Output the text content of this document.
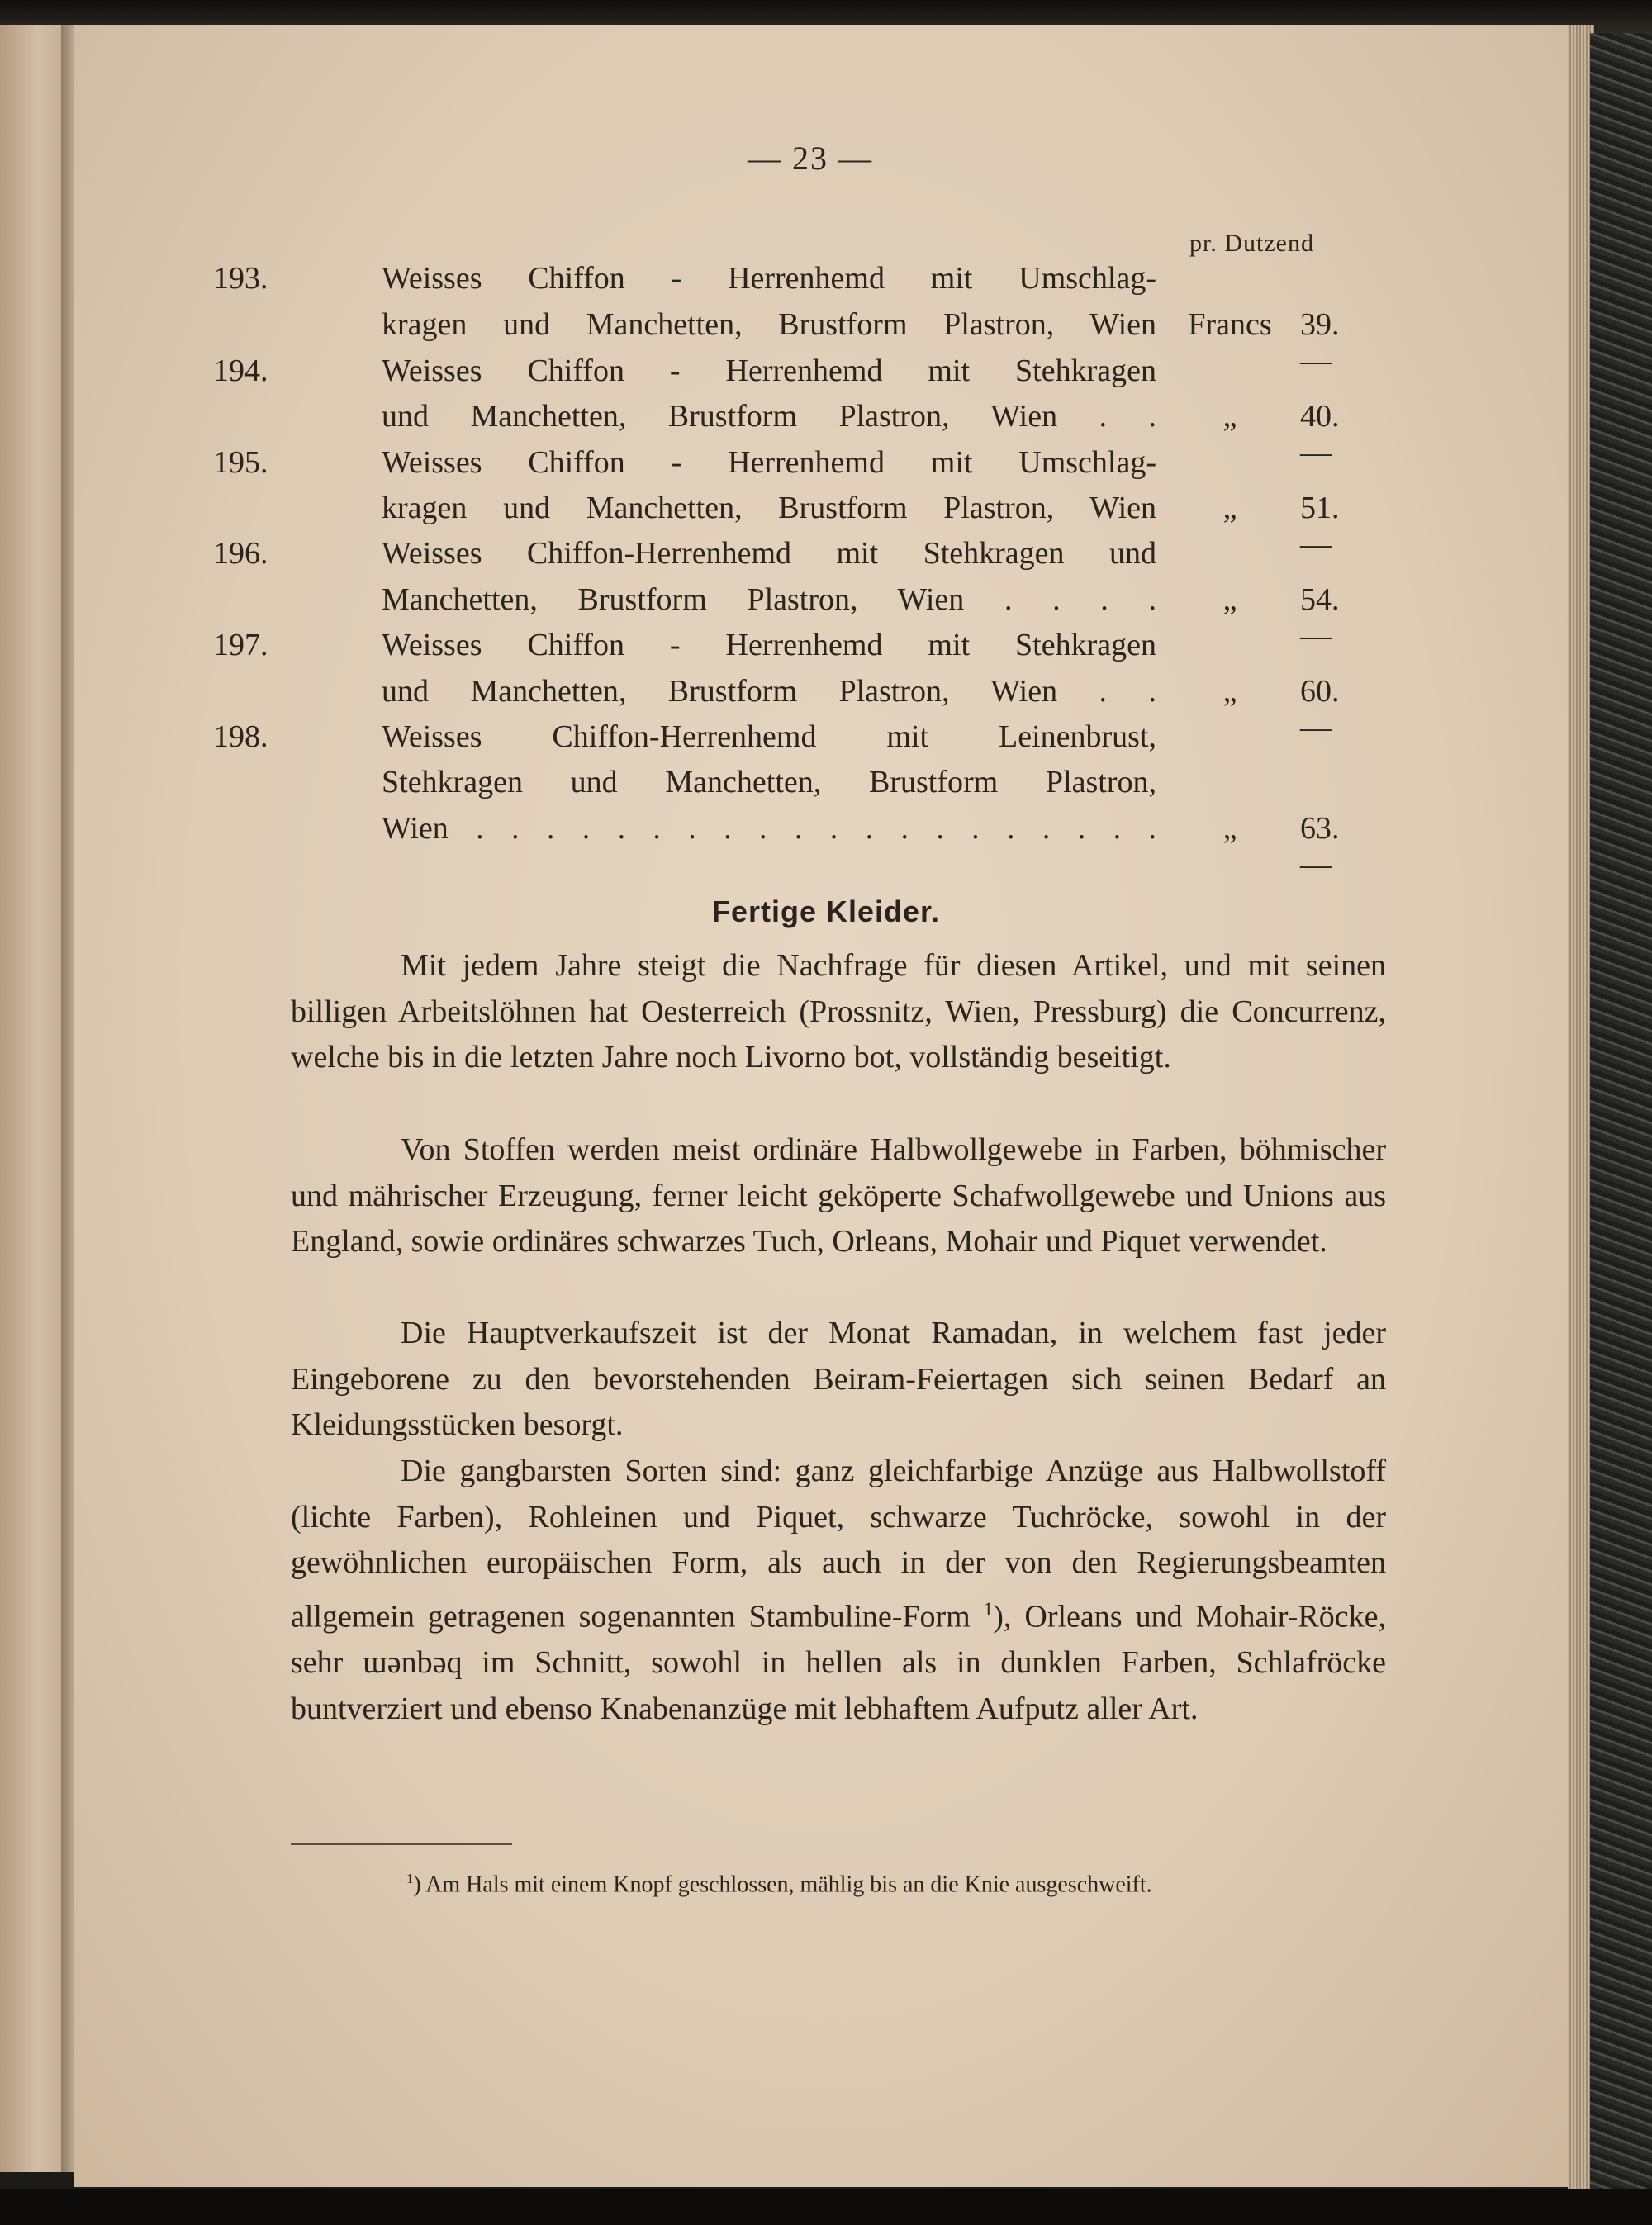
— 23 —
pr. Dutzend
193.	Weisses Chiffon - Herrenhemd mit Umschlag-
kragen und Manchetten, Brustform Plastron, Wien	Francs 39.—
194.	Weisses Chiffon - Herrenhemd mit Stehkragen
und Manchetten, Brustform Plastron, Wien . .	„	40.—
195.	Weisses Chiffon - Herrenhemd mit Umschlag-
kragen und Manchetten, Brustform Plastron, Wien	„	51.—
196.	Weisses Chiffon-Herrenhemd mit Stehkragen und
Manchetten, Brustform Plastron, Wien . . . .	„	54.—
197.	Weisses Chiffon - Herrenhemd mit Stehkragen
und Manchetten, Brustform Plastron, Wien . .	„	60.—
198.	Weisses Chiffon-Herrenhemd mit Leinenbrust,
Stehkragen und Manchetten, Brustform Plastron,
Wien . . . . . . . . . . . . . . . . . . . .	„	63.—
Fertige Kleider.
Mit jedem Jahre steigt die Nachfrage für diesen Artikel, und mit seinen billigen Arbeitslöhnen hat Oesterreich (Prossnitz, Wien, Pressburg) die Concurrenz, welche bis in die letzten Jahre noch Livorno bot, vollständig beseitigt.
Von Stoffen werden meist ordinäre Halbwollgewebe in Farben, böhmischer und mährischer Erzeugung, ferner leicht geköperte Schafwollgewebe und Unions aus England, sowie ordinäres schwarzes Tuch, Orleans, Mohair und Piquet verwendet.
Die Hauptverkaufszeit ist der Monat Ramadan, in welchem fast jeder Eingeborene zu den bevorstehenden Beiram-Feiertagen sich seinen Bedarf an Kleidungsstücken besorgt.
Die gangbarsten Sorten sind: ganz gleichfarbige Anzüge aus Halbwollstoff (lichte Farben), Rohleinen und Piquet, schwarze Tuchröcke, sowohl in der gewöhnlichen europäischen Form, als auch in der von den Regierungsbeamten allgemein getragenen sogenannten Stambuline-Form $^1$), Orleans und Mohair-Röcke, sehr ɯǝnbǝq im Schnitt, sowohl in hellen als in dunklen Farben, Schlafröcke buntverziert und ebenso Knabenanzüge mit lebhaftem Aufputz aller Art.
$^1$) Am Hals mit einem Knopf geschlossen, mählig bis an die Knie ausgeschweift.
